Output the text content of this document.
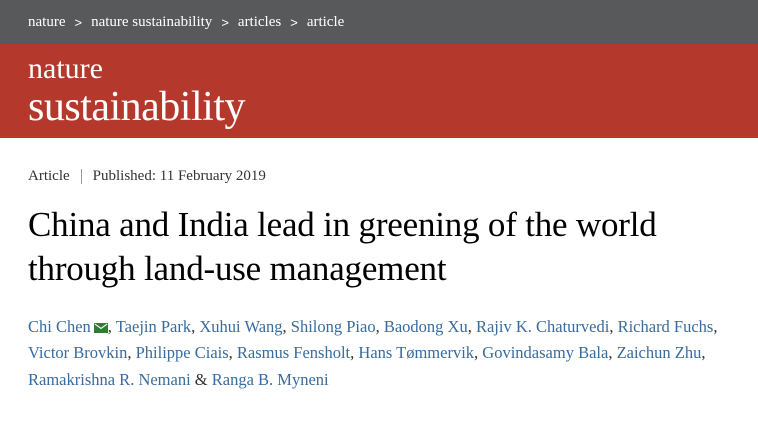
nature > nature sustainability > articles > article
nature
sustainability
Article Published: 11 February 2019
China and India lead in greening of the world through land-use management
Chi Chen , Taejin Park, Xuhui Wang, Shilong Piao, Baodong Xu, Rajiv K. Chaturvedi, Richard Fuchs, Victor Brovkin, Philippe Ciais, Rasmus Fensholt, Hans Tømmervik, Govindasamy Bala, Zaichun Zhu, Ramakrishna R. Nemani & Ranga B. Myneni
